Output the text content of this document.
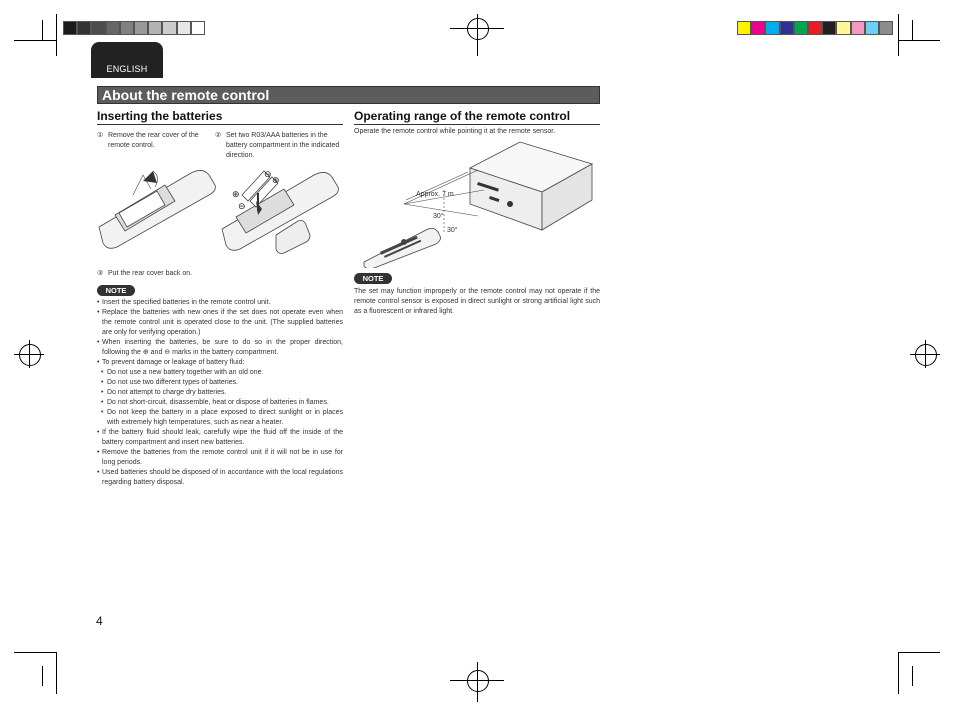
ENGLISH
About the remote control
Inserting the batteries
① Remove the rear cover of the remote control.
② Set two R03/AAA batteries in the battery compartment in the indicated direction.
⊕
⊖
⊖
⊕
③ Put the rear cover back on.
NOTE
• Insert the specified batteries in the remote control unit.
• Replace the batteries with new ones if the set does not operate even when the remote control unit is operated close to the unit. (The supplied batteries are only for verifying operation.)
• When inserting the batteries, be sure to do so in the proper direction, following the ⊕ and ⊖ marks in the battery compartment.
• To prevent damage or leakage of battery fluid:
• Do not use a new battery together with an old one.
• Do not use two different types of batteries.
• Do not attempt to charge dry batteries.
• Do not short-circuit, disassemble, heat or dispose of batteries in flames.
• Do not keep the battery in a place exposed to direct sunlight or in places with extremely high temperatures, such as near a heater.
• If the battery fluid should leak, carefully wipe the fluid off the inside of the battery compartment and insert new batteries.
• Remove the batteries from the remote control unit if it will not be in use for long periods.
• Used batteries should be disposed of in accordance with the local regulations regarding battery disposal.
Operating range of the remote control
Operate the remote control while pointing it at the remote sensor.
Approx. 7 m
30°
30°
NOTE
The set may function improperly or the remote control may not operate if the remote control sensor is exposed in direct sunlight or strong artificial light such as a fluorescent or infrared light.
4
